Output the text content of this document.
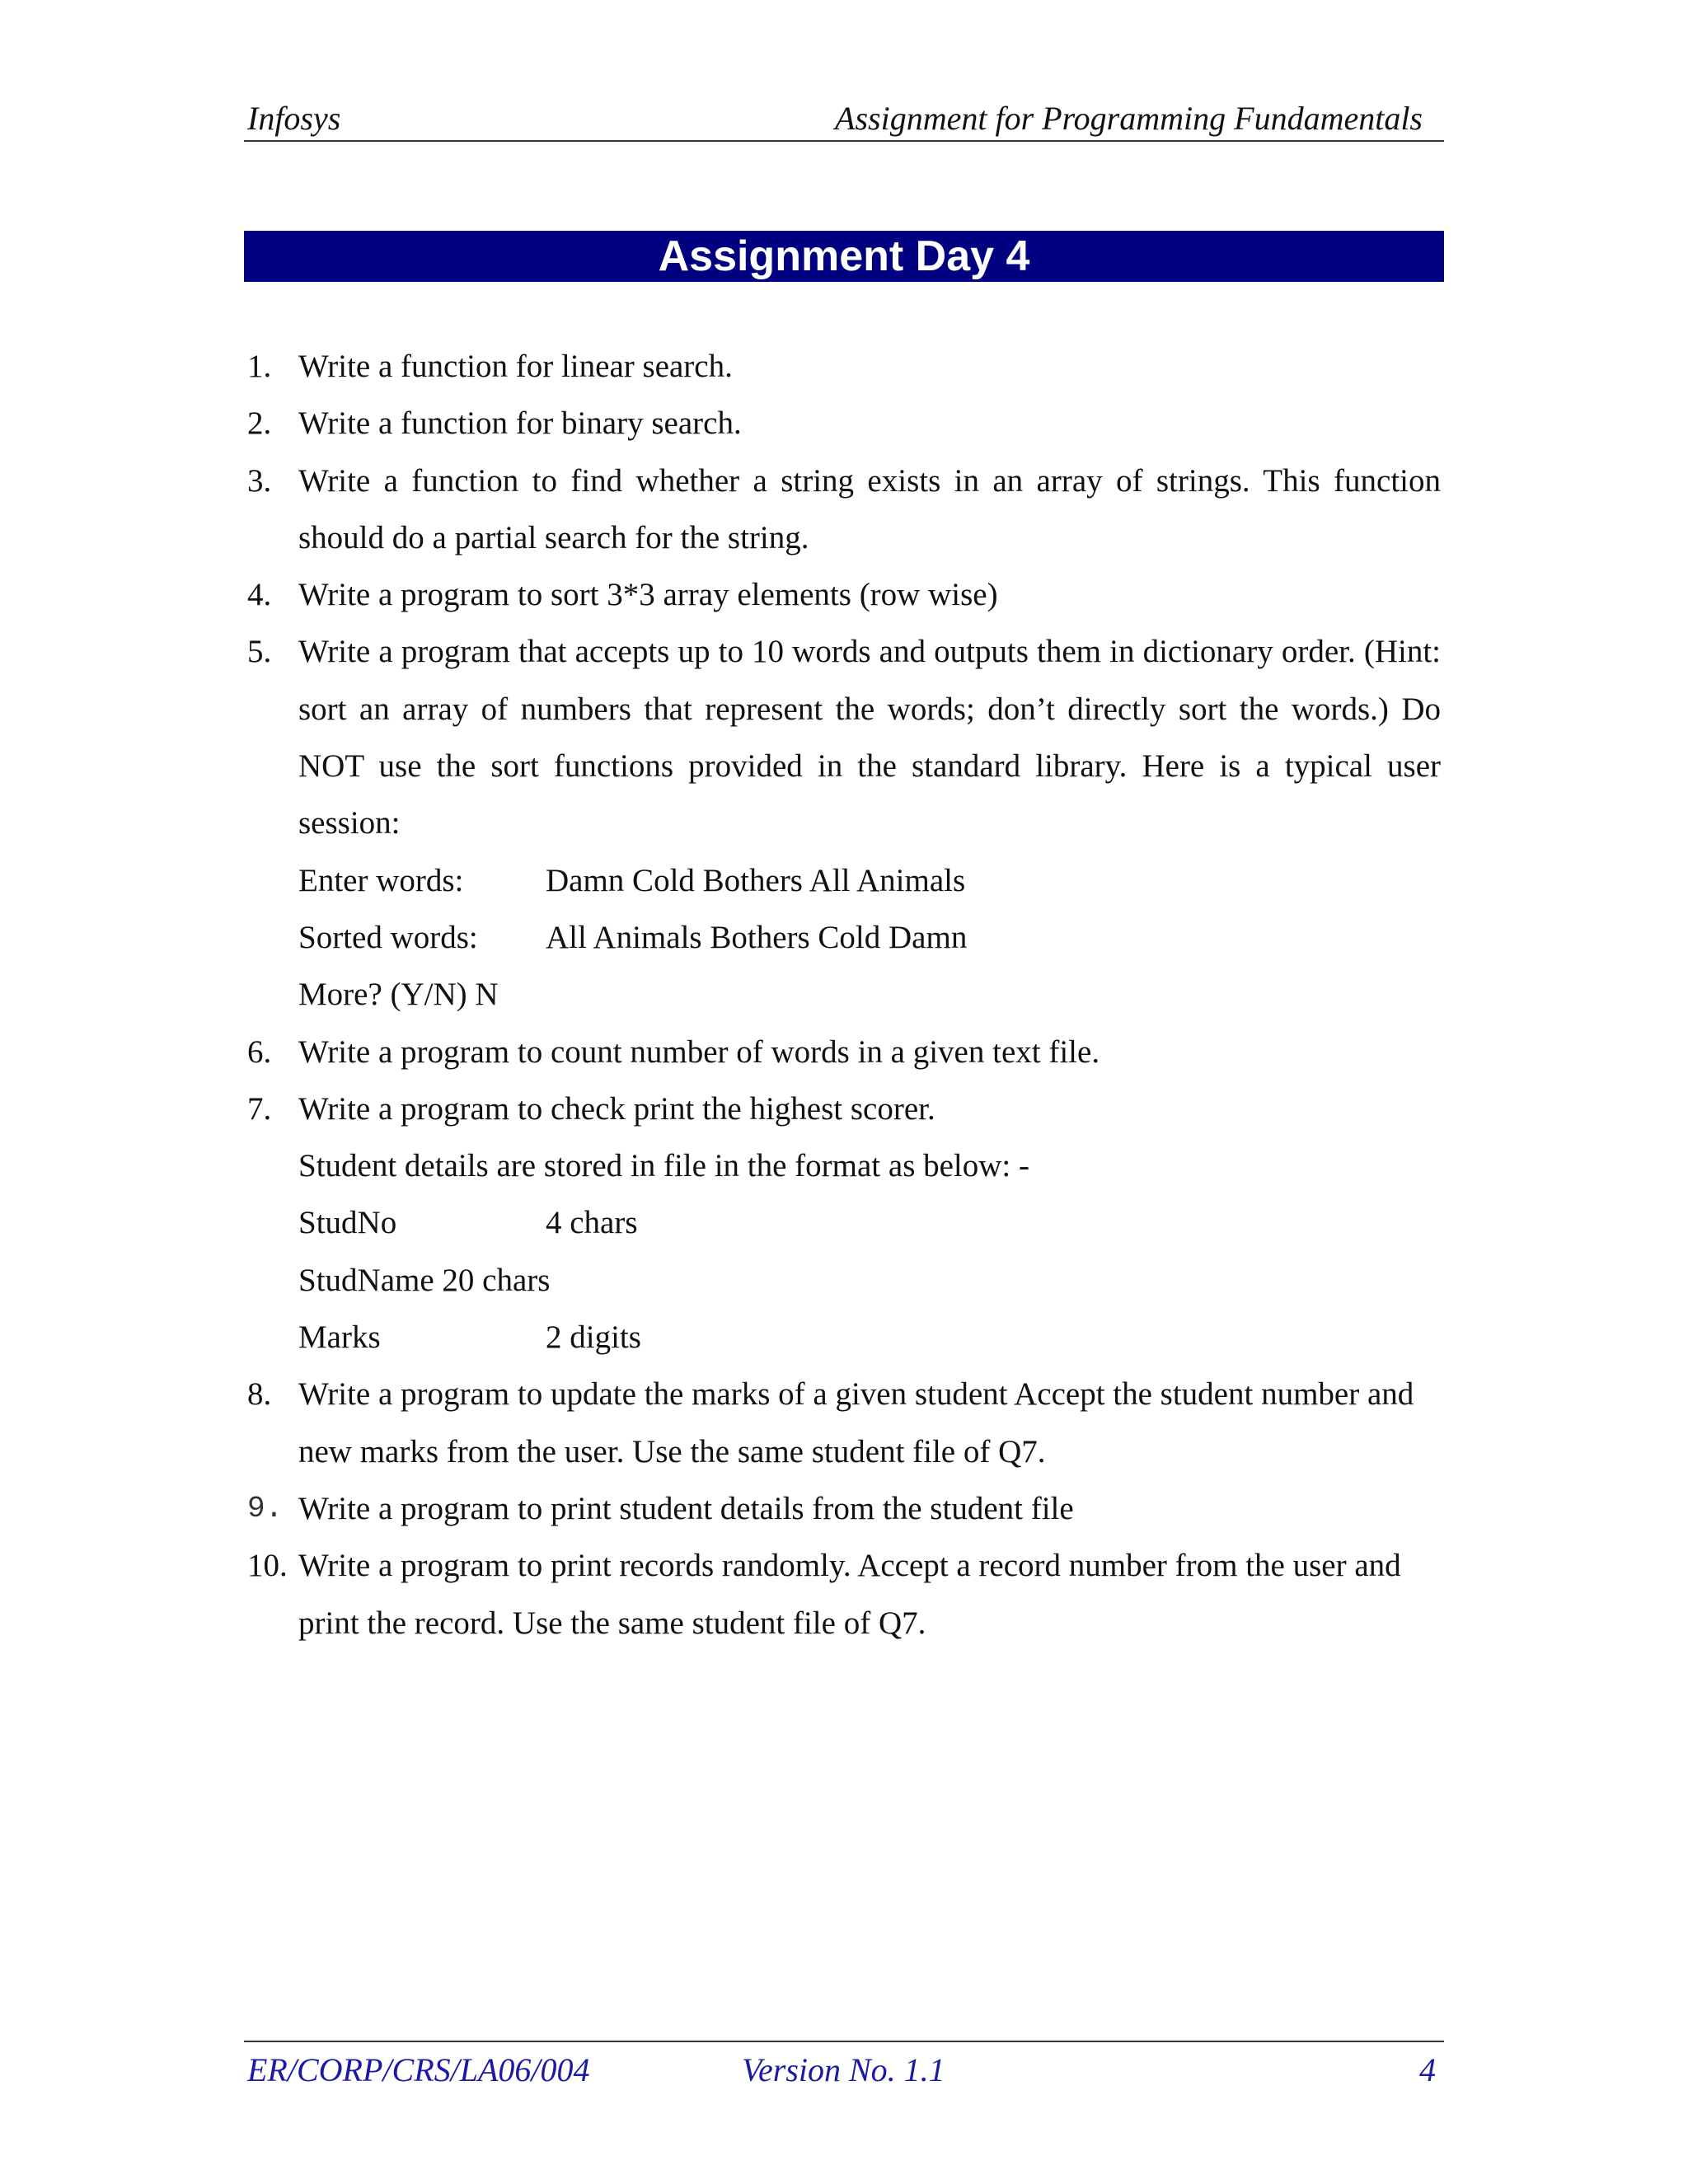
Infosys	Assignment for Programming Fundamentals
Assignment Day 4
1. Write a function for linear search.
2. Write a function for binary search.
3. Write a function to find whether a string exists in an array of strings. This function should do a partial search for the string.
4. Write a program to sort 3*3 array elements (row wise)
5. Write a program that accepts up to 10 words and outputs them in dictionary order. (Hint: sort an array of numbers that represent the words; don’t directly sort the words.) Do NOT use the sort functions provided in the standard library. Here is a typical user session:
Enter words:	Damn Cold Bothers All Animals
Sorted words: All Animals Bothers Cold Damn
More? (Y/N) N
6. Write a program to count number of words in a given text file.
7. Write a program to check print the highest scorer.
Student details are stored in file in the format as below: -
StudNo	4 chars
StudName 20 chars
Marks	2 digits
8. Write a program to update the marks of a given student Accept the student number and new marks from the user. Use the same student file of Q7.
9. Write a program to print student details from the student file
10. Write a program to print records randomly. Accept a record number from the user and print the record. Use the same student file of Q7.
ER/CORP/CRS/LA06/004	Version No. 1.1	4
